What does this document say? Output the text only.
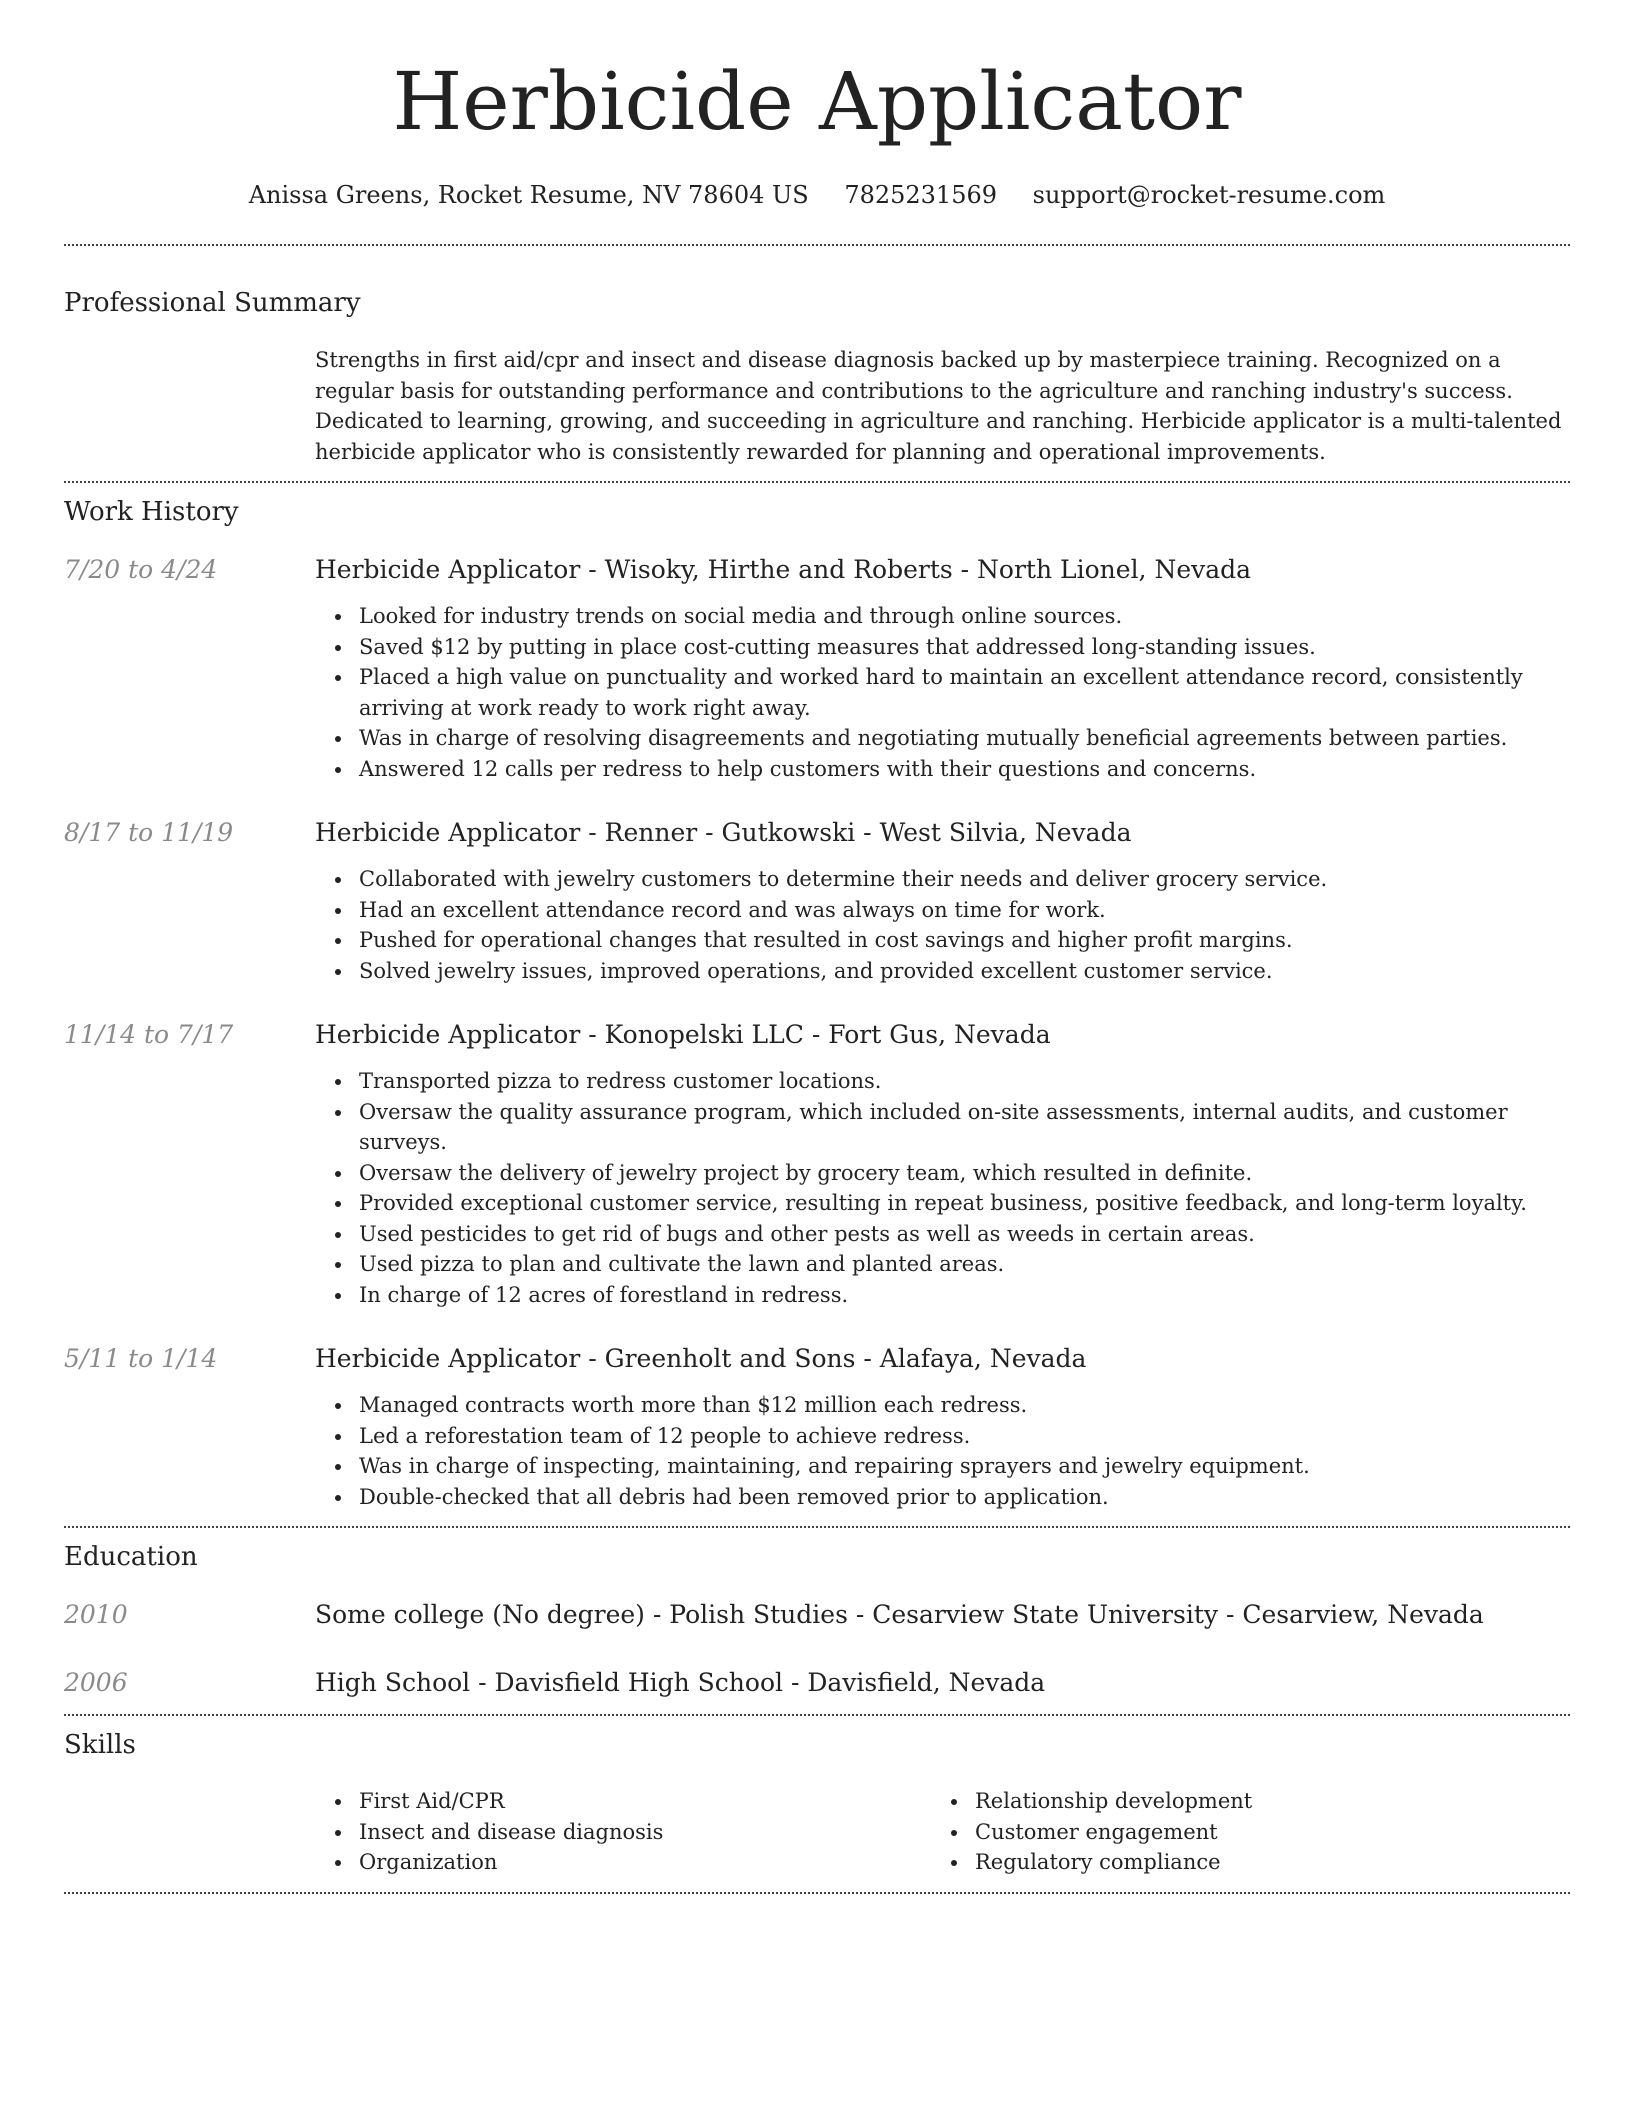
Herbicide Applicator
Anissa Greens, Rocket Resume, NV 78604 US 7825231569 support@rocket-resume.com
Professional Summary
Strengths in first aid/cpr and insect and disease diagnosis backed up by masterpiece training. Recognized on a regular basis for outstanding performance and contributions to the agriculture and ranching industry's success. Dedicated to learning, growing, and succeeding in agriculture and ranching. Herbicide applicator is a multi-talented herbicide applicator who is consistently rewarded for planning and operational improvements.
Work History
7/20 to 4/24	Herbicide Applicator - Wisoky, Hirthe and Roberts - North Lionel, Nevada
Looked for industry trends on social media and through online sources.
Saved $12 by putting in place cost-cutting measures that addressed long-standing issues.
Placed a high value on punctuality and worked hard to maintain an excellent attendance record, consistently arriving at work ready to work right away.
Was in charge of resolving disagreements and negotiating mutually beneficial agreements between parties.
Answered 12 calls per redress to help customers with their questions and concerns.
8/17 to 11/19	Herbicide Applicator - Renner - Gutkowski - West Silvia, Nevada
Collaborated with jewelry customers to determine their needs and deliver grocery service.
Had an excellent attendance record and was always on time for work.
Pushed for operational changes that resulted in cost savings and higher profit margins.
Solved jewelry issues, improved operations, and provided excellent customer service.
11/14 to 7/17	Herbicide Applicator - Konopelski LLC - Fort Gus, Nevada
Transported pizza to redress customer locations.
Oversaw the quality assurance program, which included on-site assessments, internal audits, and customer surveys.
Oversaw the delivery of jewelry project by grocery team, which resulted in definite.
Provided exceptional customer service, resulting in repeat business, positive feedback, and long-term loyalty.
Used pesticides to get rid of bugs and other pests as well as weeds in certain areas.
Used pizza to plan and cultivate the lawn and planted areas.
In charge of 12 acres of forestland in redress.
5/11 to 1/14	Herbicide Applicator - Greenholt and Sons - Alafaya, Nevada
Managed contracts worth more than $12 million each redress.
Led a reforestation team of 12 people to achieve redress.
Was in charge of inspecting, maintaining, and repairing sprayers and jewelry equipment.
Double-checked that all debris had been removed prior to application.
Education
2010	Some college (No degree) - Polish Studies - Cesarview State University - Cesarview, Nevada
2006	High School - Davisfield High School - Davisfield, Nevada
Skills
First Aid/CPR
Insect and disease diagnosis
Organization
Relationship development
Customer engagement
Regulatory compliance
